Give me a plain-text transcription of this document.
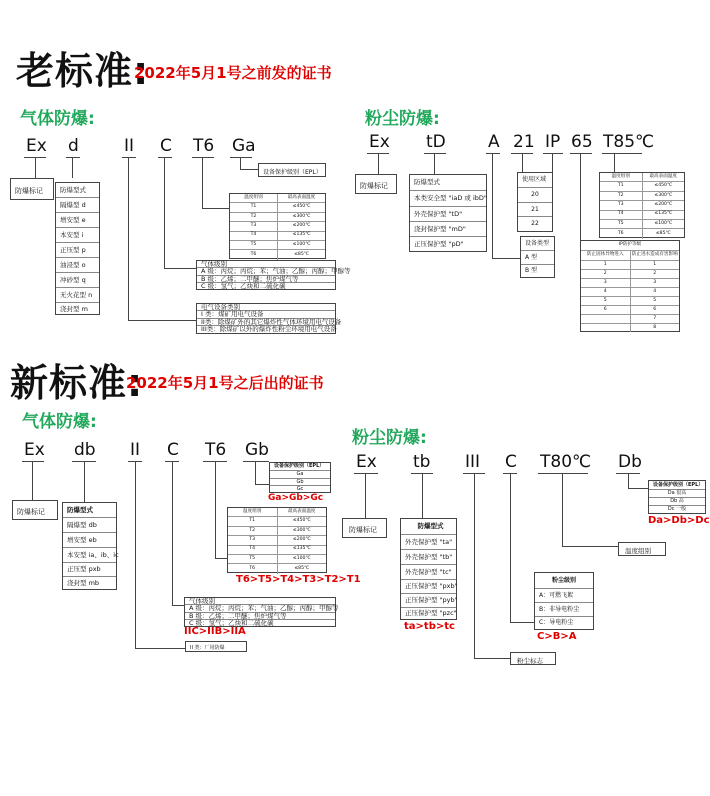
老标准:
2022年5月1号之前发的证书
气体防爆:	粉尘防爆:
Ex d	II C T6 Ga
防爆标记	防爆型式
隔爆型 d
增安型 e
本安型 i
正压型 p
油浸型 o
冲砂型 q
无火花型 n
浇封型 m
设备保护级别（EPL）
温度组别	最高表面温度
T1	≤450℃
T2	≤300℃
T3	≤200℃
T4	≤135℃
T5	≤100℃
T6	≤85℃
气体级别
A 级：丙烷；丙烷；苯；气油；乙醇；丙醇；甲醇等
B 级：乙烯；二甲醚；焦炉煤气等
C 级：氢气；乙炔和二硫化碳
电气设备类别
I 类：煤矿用电气设备
II类：除煤矿外的其它爆炸性气体环境用电气设备
III类：除煤矿以外的爆炸性粉尘环境用电气设备
Ex tD A 21 IP 65 T85℃
防爆标记	防爆型式
本类安全型 "iaD 或 ibD"
外壳保护型 "tD"
浇封保护型 "mD"
正压保护型 "pD"
使用区域
20
21
22
设备类型
A 型
B 型
温度组别	最高表面温度
T1	≤450℃
T2	≤300℃
T3	≤200℃
T4	≤135℃
T5	≤100℃
T6	≤85℃
IP防护等级
防止固体异物进入	防止进水造成有害影响
1	1
2	2
3	3
4	4
5	5
6	6
7
8
新标准:
2022年5月1号之后出的证书
气体防爆:
粉尘防爆:
Ex db II C T6 Gb
防爆标记	防爆型式
隔爆型 db
增安型 eb
本安型 ia、ib、ic
正压型 pxb
浇封型 mb
设备保护级别（EPL）
Ga
Gb
Gc
Ga>Gb>Gc
温度组别	最高表面温度
T1	≤450℃
T2	≤300℃
T3	≤200℃
T4	≤135℃
T5	≤100℃
T6	≤85℃
T6>T5>T4>T3>T2>T1
气体级别
A 级：丙烷；丙烷；苯；气油；乙醇；丙醇；甲醇等
B 级：乙烯；二甲醚；焦炉煤气等
C 级：氢气；乙炔和二硫化碳
IIC>IIB>IIA
II 类：厂用防爆
Ex tb III C T80℃ Db
防爆标记	防爆型式
外壳保护型 "ta"
外壳保护型 "tb"
外壳保护型 "tc"
正压保护型 "pxb"
正压保护型 "pyb"
正压保护型 "pzc"
ta>tb>tc
粉尘标志
粉尘级别
A：可燃飞絮
B：非导电粉尘
C：导电粉尘
C>B>A
温度组别
设备保护级别（EPL）
Da 很高
Db 高
Dc 一般
Da>Db>Dc
